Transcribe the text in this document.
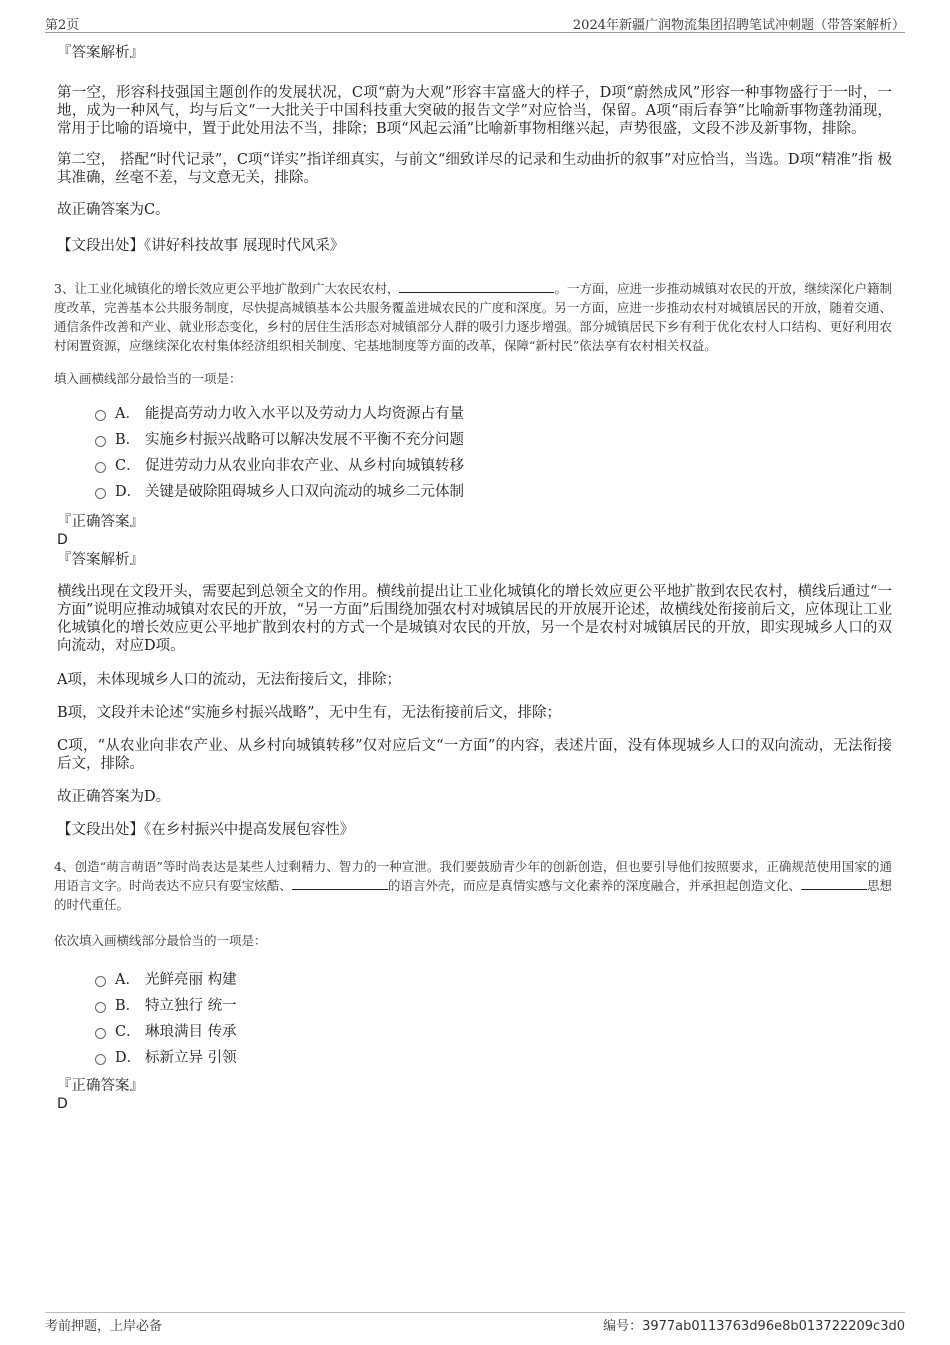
第2页	2024年新疆广润物流集团招聘笔试冲刺题（带答案解析）

『答案解析』

第一空，形容科技强国主题创作的发展状况，C项“蔚为大观”形容丰富盛大的样子，D项“蔚然成风”形容一种事物盛行于一时，一地，成为一种风气，均与后文“一大批关于中国科技重大突破的报告文学”对应恰当，保留。A项“雨后春笋”比喻新事物蓬勃涌现，常用于比喻的语境中，置于此处用法不当，排除；B项“风起云涌”比喻新事物相继兴起，声势很盛，文段不涉及新事物，排除。

第二空， 搭配“时代记录”，C项“详实”指详细真实，与前文“细致详尽的记录和生动曲折的叙事”对应恰当，当选。D项“精准”指 极其准确，丝毫不差，与文意无关，排除。

故正确答案为C。

【文段出处】《讲好科技故事 展现时代风采》

3、让工业化城镇化的增长效应更公平地扩散到广大农民农村，	。一方面，应进一步推动城镇对农民的开放，继续深化户籍制度改革，完善基本公共服务制度，尽快提高城镇基本公共服务覆盖进城农民的广度和深度。另一方面，应进一步推动农村对城镇居民的开放，随着交通、通信条件改善和产业、就业形态变化，乡村的居住生活形态对城镇部分人群的吸引力逐步增强。部分城镇居民下乡有利于优化农村人口结构、更好利用农村闲置资源，应继续深化农村集体经济组织相关制度、宅基地制度等方面的改革，保障“新村民”依法享有农村相关权益。

填入画横线部分最恰当的一项是：

A． 能提高劳动力收入水平以及劳动力人均资源占有量
B． 实施乡村振兴战略可以解决发展不平衡不充分问题
C． 促进劳动力从农业向非农产业、从乡村向城镇转移
D． 关键是破除阻碍城乡人口双向流动的城乡二元体制

『正确答案』

D

『答案解析』

横线出现在文段开头，需要起到总领全文的作用。横线前提出让工业化城镇化的增长效应更公平地扩散到农民农村，横线后通过“一方面”说明应推动城镇对农民的开放，“另一方面”后围绕加强农村对城镇居民的开放展开论述，故横线处衔接前后文，应体现让工业化城镇化的增长效应更公平地扩散到农村的方式一个是城镇对农民的开放，另一个是农村对城镇居民的开放，即实现城乡人口的双向流动，对应D项。

A项，未体现城乡人口的流动，无法衔接后文，排除；

B项，文段并未论述“实施乡村振兴战略”，无中生有，无法衔接前后文，排除；

C项，“从农业向非农产业、从乡村向城镇转移”仅对应后文“一方面”的内容，表述片面，没有体现城乡人口的双向流动，无法衔接后文，排除。

故正确答案为D。

【文段出处】《在乡村振兴中提高发展包容性》

4、创造“萌言萌语”等时尚表达是某些人过剩精力、智力的一种宣泄。我们要鼓励青少年的创新创造，但也要引导他们按照要求，正确规范使用国家的通用语言文字。时尚表达不应只有耍宝炫酷、	的语言外壳，而应是真情实感与文化素养的深度融合，并承担起创造文化、	思想的时代重任。

依次填入画横线部分最恰当的一项是：

A． 光鲜亮丽 构建
B． 特立独行 统一
C． 琳琅满目 传承
D． 标新立异 引领

『正确答案』

D

考前押题，上岸必备	编号：3977ab0113763d96e8b013722209c3d0
